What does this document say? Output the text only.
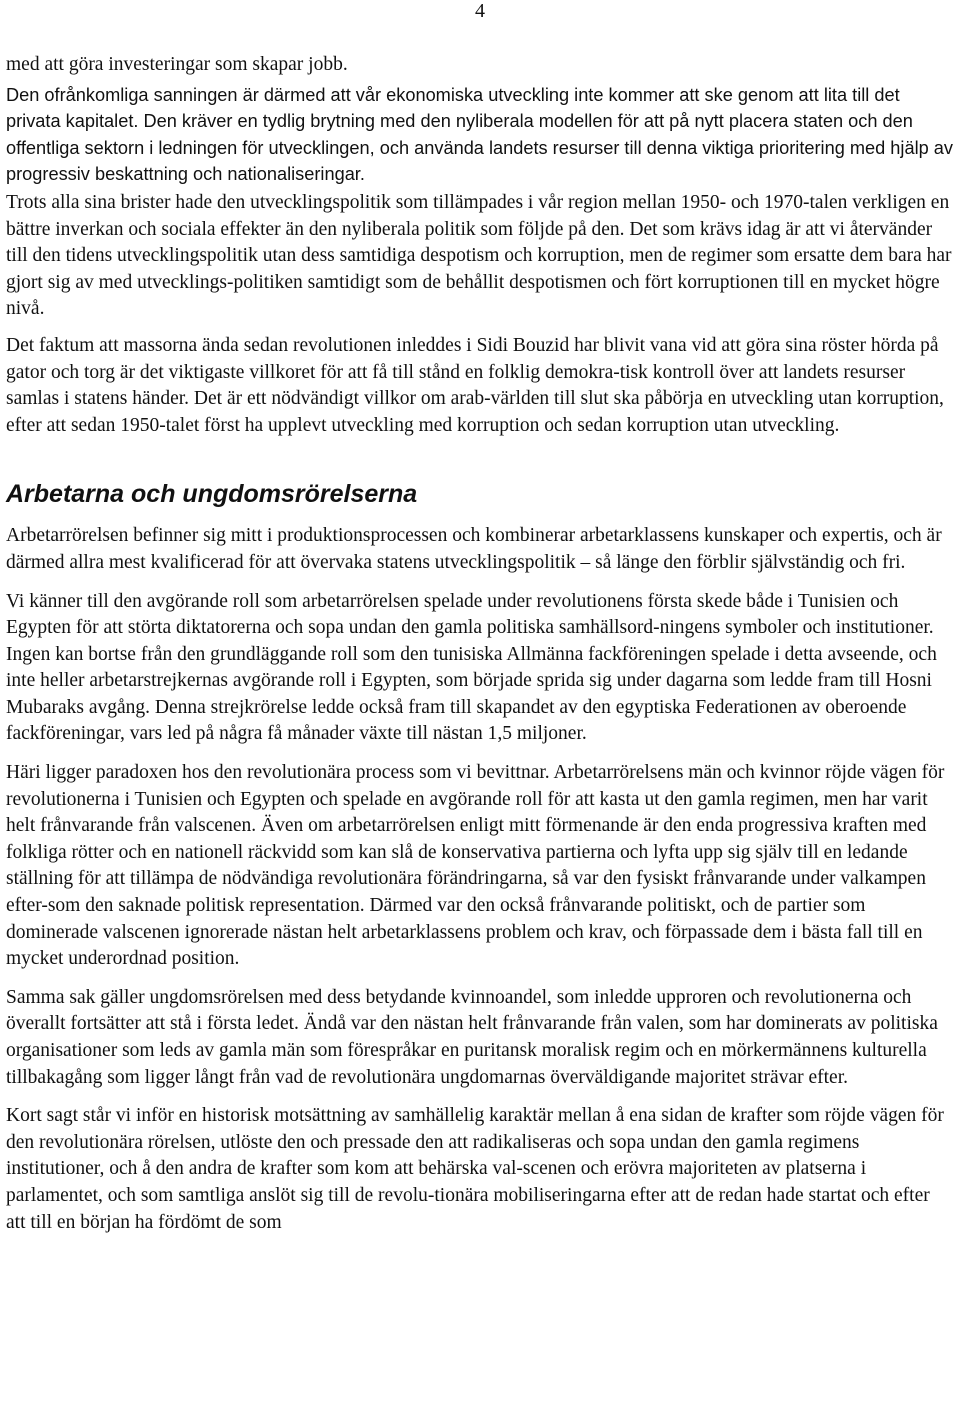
4

med att göra investeringar som skapar jobb.

Den ofrånkomliga sanningen är därmed att vår ekonomiska utveckling inte kommer att ske genom att lita till det privata kapitalet. Den kräver en tydlig brytning med den nyliberala modellen för att på nytt placera staten och den offentliga sektorn i ledningen för utvecklingen, och använda landets resurser till denna viktiga prioritering med hjälp av progressiv beskattning och nationaliseringar.

Trots alla sina brister hade den utvecklingspolitik som tillämpades i vår region mellan 1950- och 1970-talen verkligen en bättre inverkan och sociala effekter än den nyliberala politik som följde på den. Det som krävs idag är att vi återvänder till den tidens utvecklingspolitik utan dess samtidiga despotism och korruption, men de regimer som ersatte dem bara har gjort sig av med utvecklings-politiken samtidigt som de behållit despotismen och fört korruptionen till en mycket högre nivå.

Det faktum att massorna ända sedan revolutionen inleddes i Sidi Bouzid har blivit vana vid att göra sina röster hörda på gator och torg är det viktigaste villkoret för att få till stånd en folklig demokra-tisk kontroll över att landets resurser samlas i statens händer. Det är ett nödvändigt villkor om arab-världen till slut ska påbörja en utveckling utan korruption, efter att sedan 1950-talet först ha upplevt utveckling med korruption och sedan korruption utan utveckling.

Arbetarna och ungdomsrörelserna

Arbetarrörelsen befinner sig mitt i produktionsprocessen och kombinerar arbetarklassens kunskaper och expertis, och är därmed allra mest kvalificerad för att övervaka statens utvecklingspolitik – så länge den förblir självständig och fri.

Vi känner till den avgörande roll som arbetarrörelsen spelade under revolutionens första skede både i Tunisien och Egypten för att störta diktatorerna och sopa undan den gamla politiska samhällsord-ningens symboler och institutioner. Ingen kan bortse från den grundläggande roll som den tunisiska Allmänna fackföreningen spelade i detta avseende, och inte heller arbetarstrejkernas avgörande roll i Egypten, som började sprida sig under dagarna som ledde fram till Hosni Mubaraks avgång. Denna strejkrörelse ledde också fram till skapandet av den egyptiska Federationen av oberoende fackföreningar, vars led på några få månader växte till nästan 1,5 miljoner.

Häri ligger paradoxen hos den revolutionära process som vi bevittnar. Arbetarrörelsens män och kvinnor röjde vägen för revolutionerna i Tunisien och Egypten och spelade en avgörande roll för att kasta ut den gamla regimen, men har varit helt frånvarande från valscenen. Även om arbetarrörelsen enligt mitt förmenande är den enda progressiva kraften med folkliga rötter och en nationell räckvidd som kan slå de konservativa partierna och lyfta upp sig själv till en ledande ställning för att tillämpa de nödvändiga revolutionära förändringarna, så var den fysiskt frånvarande under valkampen efter-som den saknade politisk representation. Därmed var den också frånvarande politiskt, och de partier som dominerade valscenen ignorerade nästan helt arbetarklassens problem och krav, och förpassade dem i bästa fall till en mycket underordnad position.

Samma sak gäller ungdomsrörelsen med dess betydande kvinnoandel, som inledde upproren och revolutionerna och överallt fortsätter att stå i första ledet. Ändå var den nästan helt frånvarande från valen, som har dominerats av politiska organisationer som leds av gamla män som förespråkar en puritansk moralisk regim och en mörkermännens kulturella tillbakagång som ligger långt från vad de revolutionära ungdomarnas överväldigande majoritet strävar efter.

Kort sagt står vi inför en historisk motsättning av samhällelig karaktär mellan å ena sidan de krafter som röjde vägen för den revolutionära rörelsen, utlöste den och pressade den att radikaliseras och sopa undan den gamla regimens institutioner, och å den andra de krafter som kom att behärska val-scenen och erövra majoriteten av platserna i parlamentet, och som samtliga anslöt sig till de revolu-tionära mobiliseringarna efter att de redan hade startat och efter att till en början ha fördömt de som
